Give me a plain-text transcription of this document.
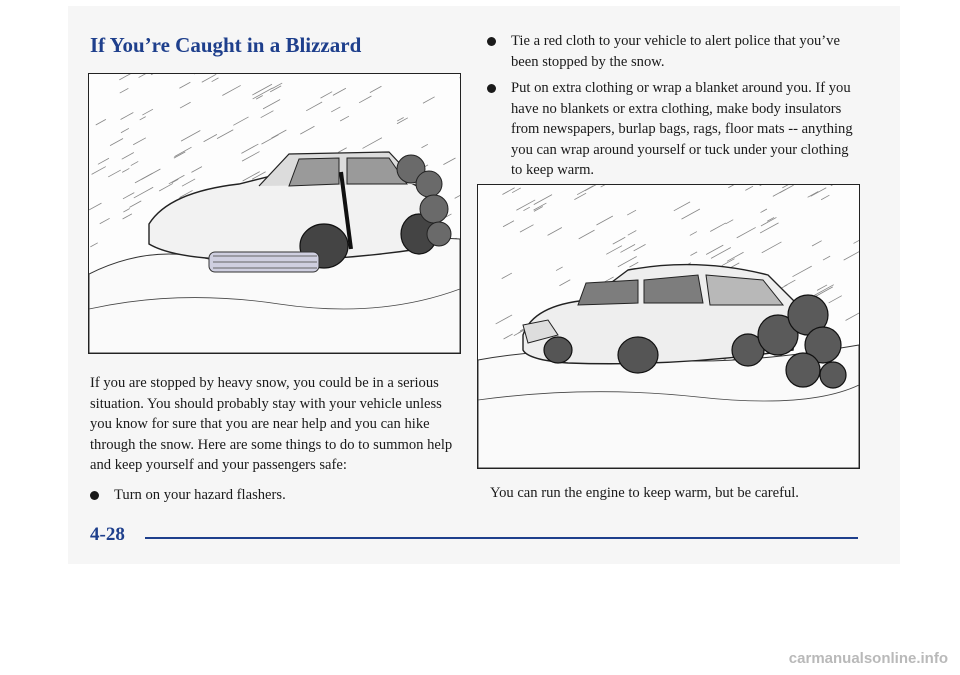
If You’re Caught in a Blizzard

If you are stopped by heavy snow, you could be in a serious situation. You should probably stay with your vehicle unless you know for sure that you are near help and you can hike through the snow. Here are some things to do to summon help and keep yourself and your passengers safe:

Turn on your hazard flashers.
Tie a red cloth to your vehicle to alert police that you’ve been stopped by the snow.
Put on extra clothing or wrap a blanket around you. If you have no blankets or extra clothing, make body insulators from newspapers, burlap bags, rags, floor mats -- anything you can wrap around yourself or tuck under your clothing to keep warm.

You can run the engine to keep warm, but be careful.

4-28

carmanualsonline.info
